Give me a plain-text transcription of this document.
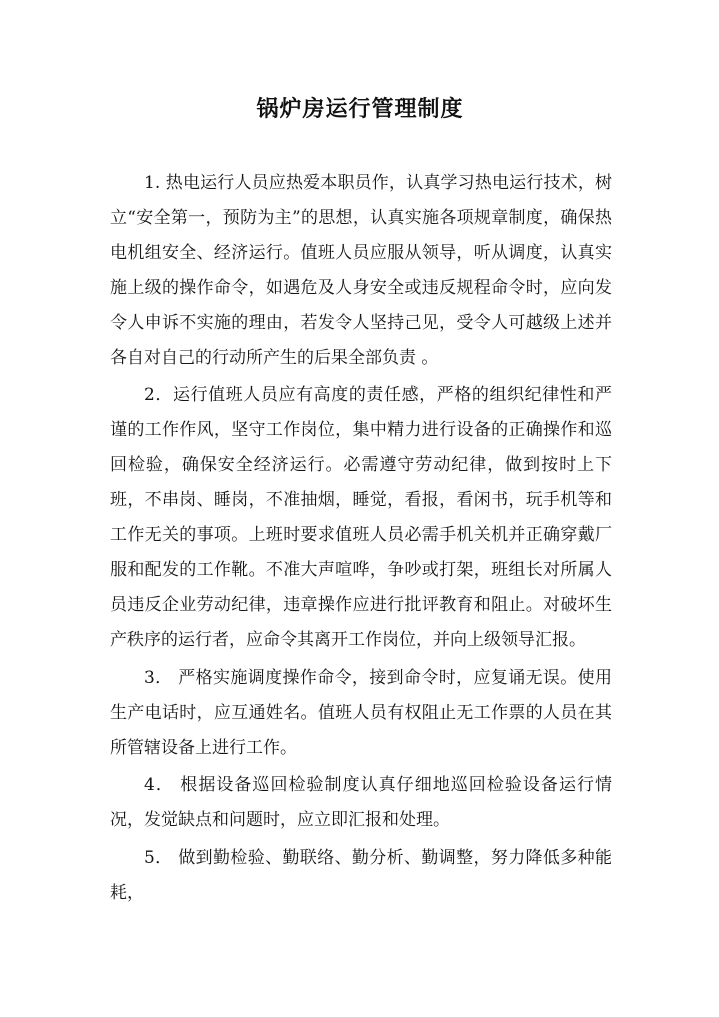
锅炉房运行管理制度

1. 热电运行人员应热爱本职员作，认真学习热电运行技术，树立“安全第一，预防为主”的思想，认真实施各项规章制度，确保热电机组安全、经济运行。值班人员应服从领导，听从调度，认真实施上级的操作命令，如遇危及人身安全或违反规程命令时，应向发令人申诉不实施的理由，若发令人坚持己见，受令人可越级上述并各自对自己的行动所产生的后果全部负责 。

2．运行值班人员应有高度的责任感，严格的组织纪律性和严谨的工作作风，坚守工作岗位，集中精力进行设备的正确操作和巡回检验，确保安全经济运行。必需遵守劳动纪律，做到按时上下班，不串岗、睡岗，不准抽烟，睡觉，看报，看闲书，玩手机等和工作无关的事项。上班时要求值班人员必需手机关机并正确穿戴厂服和配发的工作靴。不准大声喧哗，争吵或打架，班组长对所属人员违反企业劳动纪律，违章操作应进行批评教育和阻止。对破坏生产秩序的运行者，应命令其离开工作岗位，并向上级领导汇报。

3． 严格实施调度操作命令，接到命令时，应复诵无误。使用生产电话时，应互通姓名。值班人员有权阻止无工作票的人员在其所管辖设备上进行工作。

4． 根据设备巡回检验制度认真仔细地巡回检验设备运行情况，发觉缺点和问题时，应立即汇报和处理。

5． 做到勤检验、勤联络、勤分析、勤调整，努力降低多种能耗，
